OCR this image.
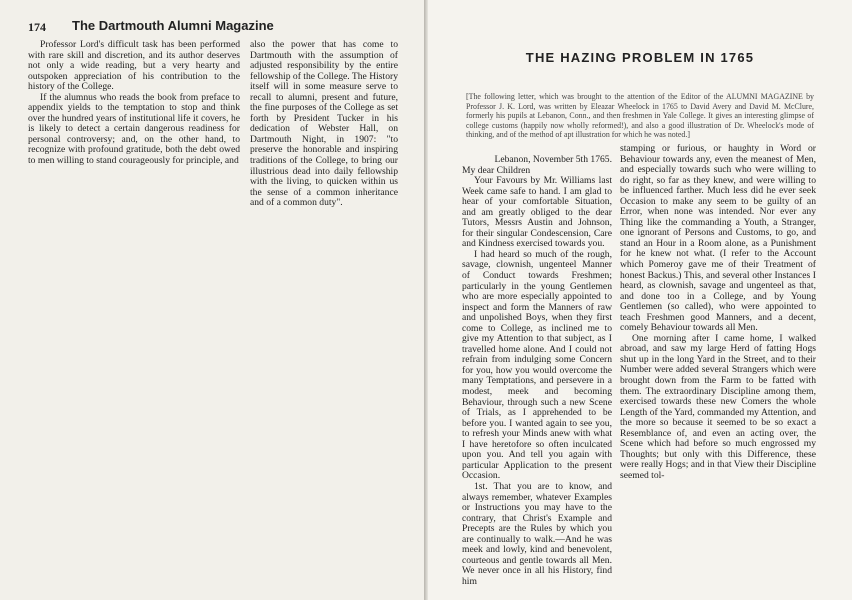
174 The Dartmouth Alumni Magazine

Professor Lord's difficult task has been performed with rare skill and discretion, and its author deserves not only a wide reading, but a very hearty and outspoken appreciation of his contribution to the history of the College.

If the alumnus who reads the book from preface to appendix yields to the temptation to stop and think over the hundred years of institutional life it covers, he is likely to detect a certain dangerous readiness for personal controversy; and, on the other hand, to recognize with profound gratitude, both the debt owed to men willing to stand courageously for principle, and

also the power that has come to Dartmouth with the assumption of adjusted responsibility by the entire fellowship of the College. The History itself will in some measure serve to recall to alumni, present and future, the fine purposes of the College as set forth by President Tucker in his dedication of Webster Hall, on Dartmouth Night, in 1907: "to preserve the honorable and inspiring traditions of the College, to bring our illustrious dead into daily fellowship with the living, to quicken within us the sense of a common inheritance and of a common duty".

THE HAZING PROBLEM IN 1765
[The following letter, which was brought to the attention of the Editor of the ALUMNI MAGAZINE by Professor J. K. Lord, was written by Eleazar Wheelock in 1765 to David Avery and David M. McClure, formerly his pupils at Lebanon, Conn., and then freshmen in Yale College. It gives an interesting glimpse of college customs (happily now wholly reformed!), and also a good illustration of Dr. Wheelock's mode of thinking, and of the method of apt illustration for which he was noted.]

Lebanon, November 5th 1765.

My dear Children

Your Favours by Mr. Williams last Week came safe to hand. I am glad to hear of your comfortable Situation, and am greatly obliged to the dear Tutors, Messrs Austin and Johnson, for their singular Condescension, Care and Kindness exercised towards you.

I had heard so much of the rough, savage, clownish, ungenteel Manner of Conduct towards Freshmen; particularly in the young Gentlemen who are more especially appointed to inspect and form the Manners of raw and unpolished Boys, when they first come to College, as inclined me to give my Attention to that subject, as I travelled home alone. And I could not refrain from indulging some Concern for you, how you would overcome the many Temptations, and persevere in a modest, meek and becoming Behaviour, through such a new Scene of Trials, as I apprehended to be before you. I wanted again to see you, to refresh your Minds anew with what I have heretofore so often inculcated upon you. And tell you again with particular Application to the present Occasion.

1st. That you are to know, and always remember, whatever Examples or Instructions you may have to the contrary, that Christ's Example and Precepts are the Rules by which you are continually to walk.—And he was meek and lowly, kind and benevolent, courteous and gentle towards all Men. We never once in all his History, find him

stamping or furious, or haughty in Word or Behaviour towards any, even the meanest of Men, and especially towards such who were willing to do right, so far as they knew, and were willing to be influenced farther. Much less did he ever seek Occasion to make any seem to be guilty of an Error, when none was intended. Nor ever any Thing like the commanding a Youth, a Stranger, one ignorant of Persons and Customs, to go, and stand an Hour in a Room alone, as a Punishment for he knew not what. (I refer to the Account which Pomeroy gave me of their Treatment of honest Backus.) This, and several other Instances I heard, as clownish, savage and ungenteel as that, and done too in a College, and by Young Gentlemen (so called), who were appointed to teach Freshmen good Manners, and a decent, comely Behaviour towards all Men.

One morning after I came home, I walked abroad, and saw my large Herd of fatting Hogs shut up in the long Yard in the Street, and to their Number were added several Strangers which were brought down from the Farm to be fatted with them. The extraordinary Discipline among them, exercised towards these new Comers the whole Length of the Yard, commanded my Attention, and the more so because it seemed to be so exact a Resemblance of, and even an acting over, the Scene which had before so much engrossed my Thoughts; but only with this Difference, these were really Hogs; and in that View their Discipline seemed tol-
